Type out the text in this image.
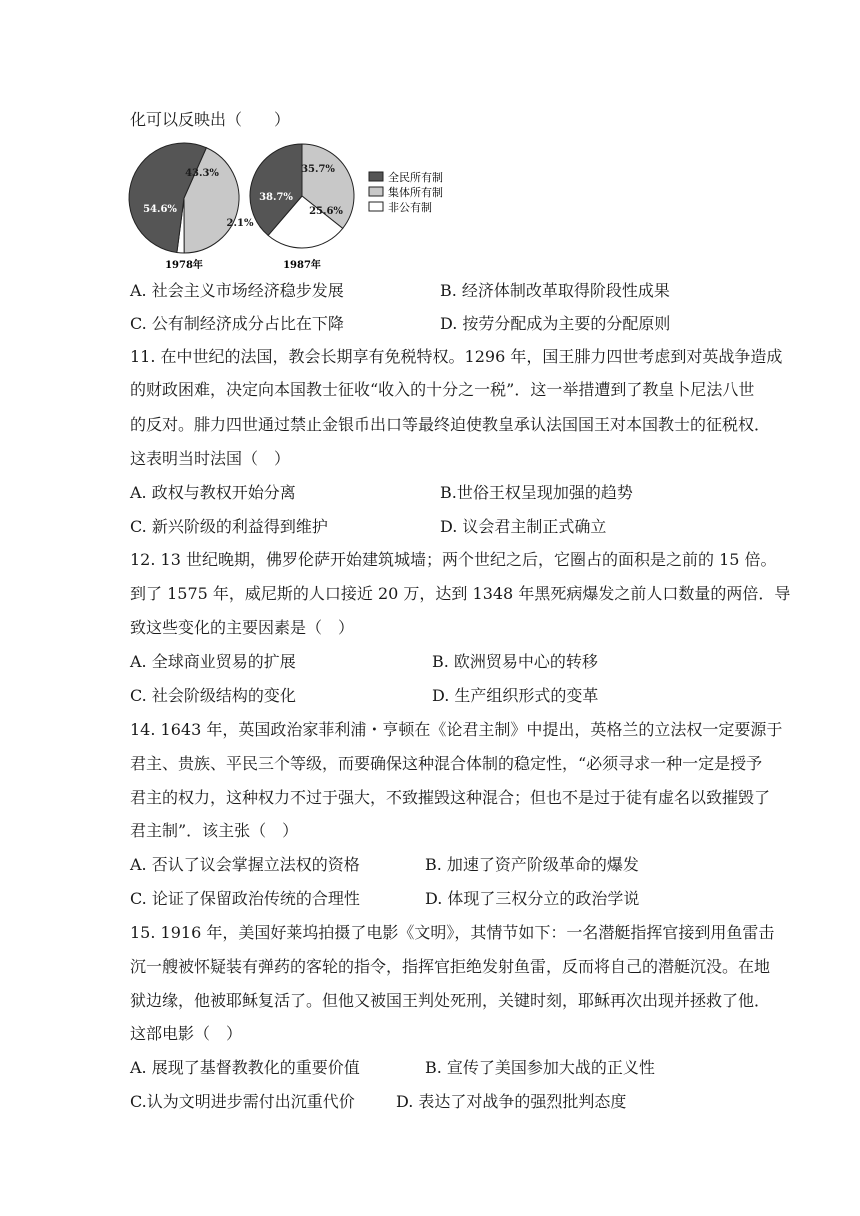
化可以反映出（　　）
54.6%
43.3%
2.1%
38.7%
35.7%
25.6%
全民所有制
集体所有制
非公有制
1978年	1987年
A. 社会主义市场经济稳步发展	B. 经济体制改革取得阶段性成果
C. 公有制经济成分占比在下降	D. 按劳分配成为主要的分配原则
11. 在中世纪的法国，教会长期享有免税特权。1296 年，国王腓力四世考虑到对英战争造成
的财政困难，决定向本国教士征收“收入的十分之一税”．这一举措遭到了教皇卜尼法八世
的反对。腓力四世通过禁止金银币出口等最终迫使教皇承认法国国王对本国教士的征税权．
这表明当时法国（　）
A. 政权与教权开始分离	B.世俗王权呈现加强的趋势
C. 新兴阶级的利益得到维护	D. 议会君主制正式确立
12. 13 世纪晚期，佛罗伦萨开始建筑城墙；两个世纪之后，它圈占的面积是之前的 15 倍。
到了 1575 年，威尼斯的人口接近 20 万，达到 1348 年黑死病爆发之前人口数量的两倍．导
致这些变化的主要因素是（　）
A. 全球商业贸易的扩展	B. 欧洲贸易中心的转移
C. 社会阶级结构的变化	D. 生产组织形式的变革
14. 1643 年，英国政治家菲利浦・亨顿在《论君主制》中提出，英格兰的立法权一定要源于
君主、贵族、平民三个等级，而要确保这种混合体制的稳定性，“必须寻求一种一定是授予
君主的权力，这种权力不过于强大，不致摧毁这种混合；但也不是过于徒有虚名以致摧毁了
君主制”．该主张（　）
A. 否认了议会掌握立法权的资格	B. 加速了资产阶级革命的爆发
C. 论证了保留政治传统的合理性	D. 体现了三权分立的政治学说
15. 1916 年，美国好莱坞拍摄了电影《文明》，其情节如下：一名潜艇指挥官接到用鱼雷击
沉一艘被怀疑装有弹药的客轮的指令，指挥官拒绝发射鱼雷，反而将自己的潜艇沉没。在地
狱边缘，他被耶稣复活了。但他又被国王判处死刑，关键时刻，耶稣再次出现并拯救了他．
这部电影（　）
A. 展现了基督教教化的重要价值	B. 宣传了美国参加大战的正义性
C.认为文明进步需付出沉重代价	D. 表达了对战争的强烈批判态度
